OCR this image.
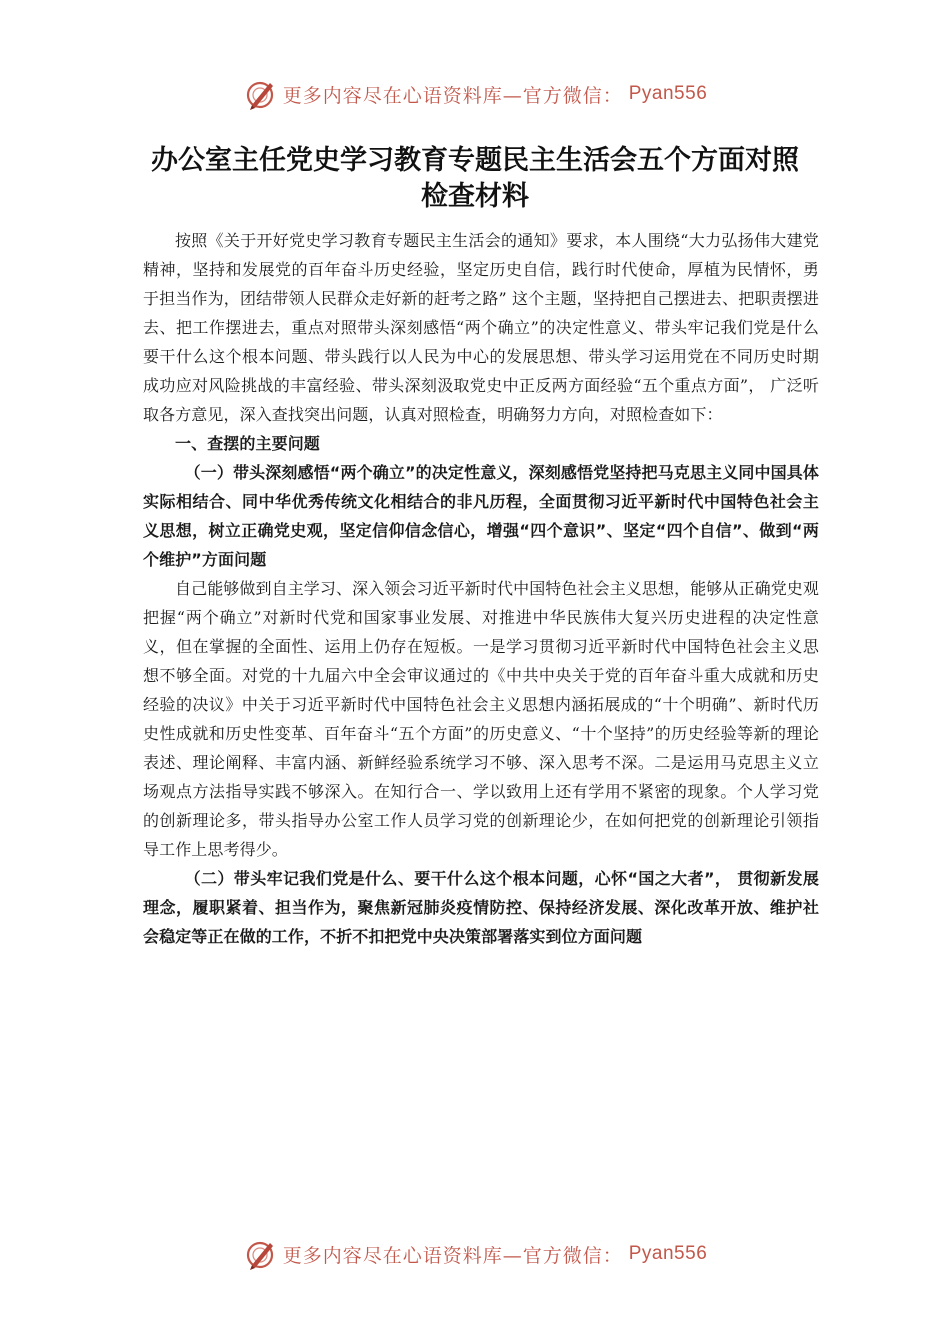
更多内容尽在心语资料库—官方微信： Pyan556
办公室主任党史学习教育专题民主生活会五个方面对照检查材料

按照《关于开好党史学习教育专题民主生活会的通知》要求，本人围绕“大力弘扬伟大建党精神，坚持和发展党的百年奋斗历史经验，坚定历史自信，践行时代使命，厚植为民情怀，勇于担当作为，团结带领人民群众走好新的赶考之路” 这个主题，坚持把自己摆进去、把职责摆进去、把工作摆进去，重点对照带头深刻感悟“两个确立”的决定性意义、带头牢记我们党是什么要干什么这个根本问题、带头践行以人民为中心的发展思想、带头学习运用党在不同历史时期成功应对风险挑战的丰富经验、带头深刻汲取党史中正反两方面经验“五个重点方面”， 广泛听取各方意见，深入查找突出问题，认真对照检查，明确努力方向，对照检查如下：

一、查摆的主要问题

（一）带头深刻感悟“两个确立”的决定性意义，深刻感悟党坚持把马克思主义同中国具体实际相结合、同中华优秀传统文化相结合的非凡历程，全面贯彻习近平新时代中国特色社会主义思想，树立正确党史观，坚定信仰信念信心，增强“四个意识”、坚定“四个自信”、做到“两个维护”方面问题

自己能够做到自主学习、深入领会习近平新时代中国特色社会主义思想，能够从正确党史观把握“两个确立”对新时代党和国家事业发展、对推进中华民族伟大复兴历史进程的决定性意义，但在掌握的全面性、运用上仍存在短板。一是学习贯彻习近平新时代中国特色社会主义思想不够全面。对党的十九届六中全会审议通过的《中共中央关于党的百年奋斗重大成就和历史经验的决议》中关于习近平新时代中国特色社会主义思想内涵拓展成的“十个明确”、新时代历史性成就和历史性变革、百年奋斗“五个方面”的历史意义、“十个坚持”的历史经验等新的理论表述、理论阐释、丰富内涵、新鲜经验系统学习不够、深入思考不深。二是运用马克思主义立场观点方法指导实践不够深入。在知行合一、学以致用上还有学用不紧密的现象。个人学习党的创新理论多，带头指导办公室工作人员学习党的创新理论少，在如何把党的创新理论引领指导工作上思考得少。

（二）带头牢记我们党是什么、要干什么这个根本问题，心怀“国之大者”， 贯彻新发展理念，履职紧着、担当作为，聚焦新冠肺炎疫情防控、保持经济发展、深化改革开放、维护社会稳定等正在做的工作，不折不扣把党中央决策部署落实到位方面问题

更多内容尽在心语资料库—官方微信： Pyan556
